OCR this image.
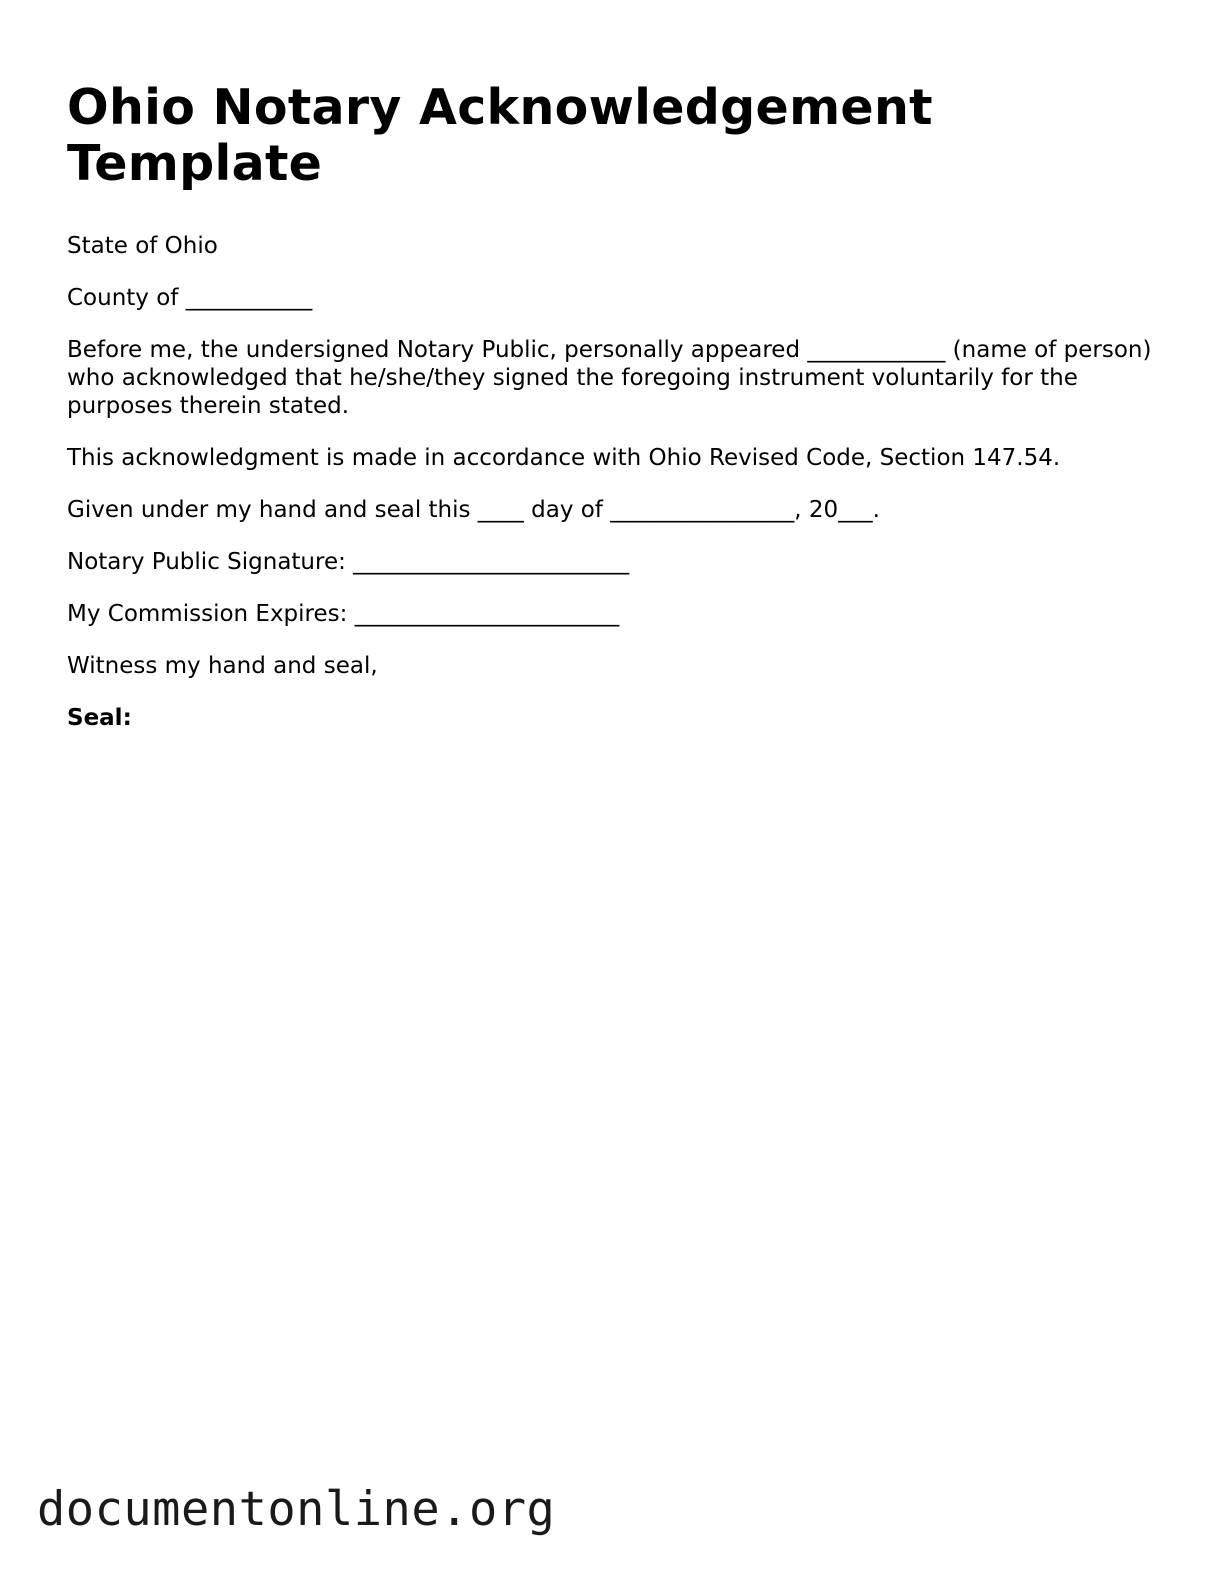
Ohio Notary Acknowledgement Template

State of Ohio

County of ___________

Before me, the undersigned Notary Public, personally appeared ____________ (name of person) who acknowledged that he/she/they signed the foregoing instrument voluntarily for the purposes therein stated.

This acknowledgment is made in accordance with Ohio Revised Code, Section 147.54.

Given under my hand and seal this ____ day of ________________, 20___.

Notary Public Signature: ________________________

My Commission Expires: _______________________

Witness my hand and seal,

Seal:

documentonline.org
